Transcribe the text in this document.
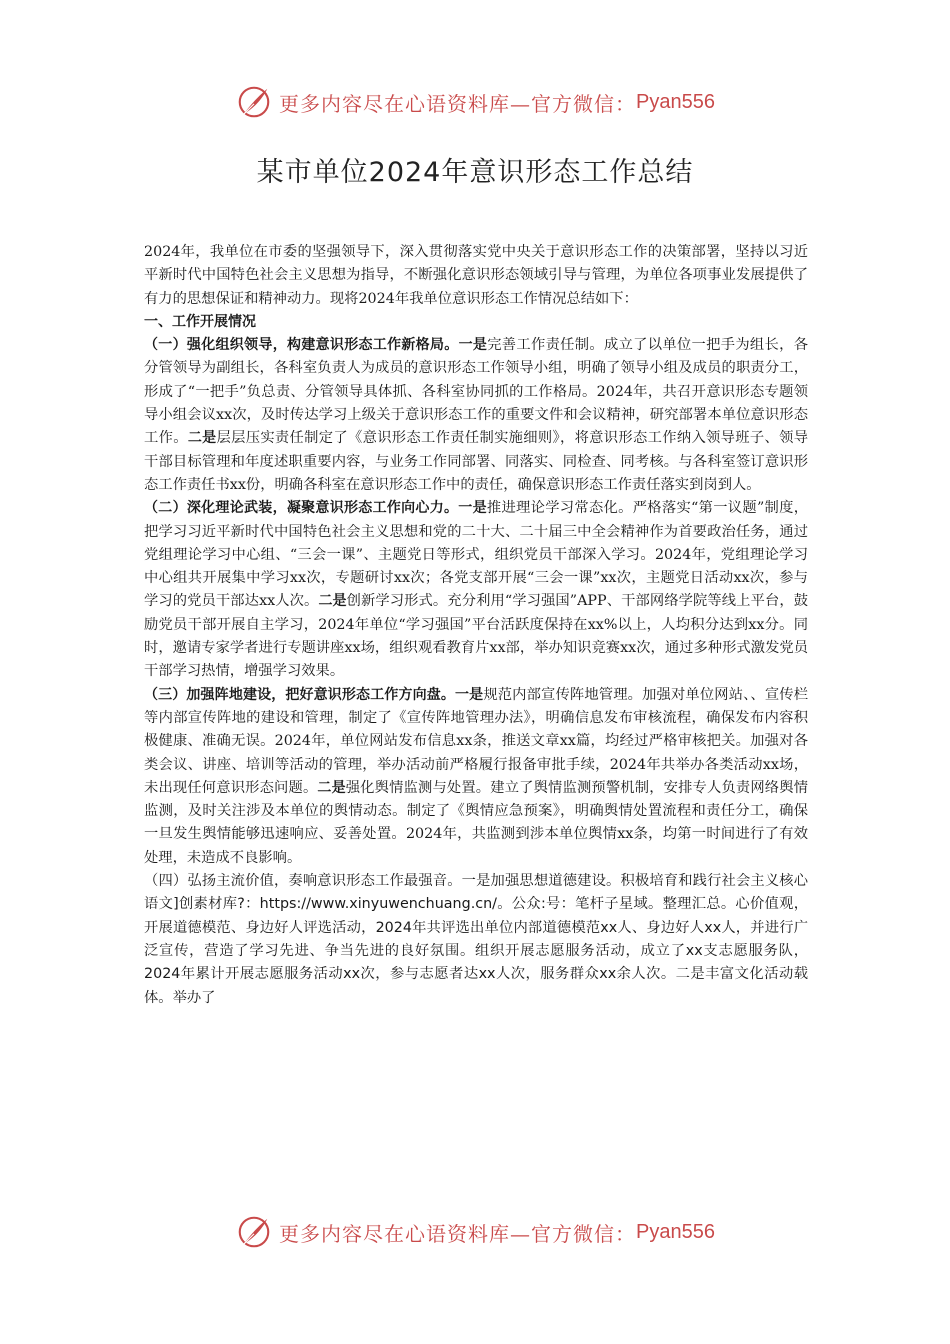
更多内容尽在心语资料库—官方微信： Pyan556
某市单位2024年意识形态工作总结

2024年，我单位在市委的坚强领导下，深入贯彻落实党中央关于意识形态工作的决策部署，坚持以习近平新时代中国特色社会主义思想为指导，不断强化意识形态领域引导与管理，为单位各项事业发展提供了有力的思想保证和精神动力。现将2024年我单位意识形态工作情况总结如下：

一、工作开展情况

（一）强化组织领导，构建意识形态工作新格局。一是完善工作责任制。成立了以单位一把手为组长，各分管领导为副组长，各科室负责人为成员的意识形态工作领导小组，明确了领导小组及成员的职责分工，形成了“一把手”负总责、分管领导具体抓、各科室协同抓的工作格局。2024年，共召开意识形态专题领导小组会议xx次，及时传达学习上级关于意识形态工作的重要文件和会议精神，研究部署本单位意识形态工作。二是层层压实责任制定了《意识形态工作责任制实施细则》，将意识形态工作纳入领导班子、领导干部目标管理和年度述职重要内容，与业务工作同部署、同落实、同检查、同考核。与各科室签订意识形态工作责任书xx份，明确各科室在意识形态工作中的责任，确保意识形态工作责任落实到岗到人。

（二）深化理论武装，凝聚意识形态工作向心力。一是推进理论学习常态化。严格落实“第一议题”制度，把学习习近平新时代中国特色社会主义思想和党的二十大、二十届三中全会精神作为首要政治任务，通过党组理论学习中心组、“三会一课”、主题党日等形式，组织党员干部深入学习。2024年，党组理论学习中心组共开展集中学习xx次，专题研讨xx次；各党支部开展“三会一课”xx次，主题党日活动xx次，参与学习的党员干部达xx人次。二是创新学习形式。充分利用“学习强国”APP、干部网络学院等线上平台，鼓励党员干部开展自主学习，2024年单位“学习强国”平台活跃度保持在xx%以上，人均积分达到xx分。同时，邀请专家学者进行专题讲座xx场，组织观看教育片xx部，举办知识竞赛xx次，通过多种形式激发党员干部学习热情，增强学习效果。

（三）加强阵地建设，把好意识形态工作方向盘。一是规范内部宣传阵地管理。加强对单位网站、、宣传栏等内部宣传阵地的建设和管理，制定了《宣传阵地管理办法》，明确信息发布审核流程，确保发布内容积极健康、准确无误。2024年，单位网站发布信息xx条，推送文章xx篇，均经过严格审核把关。加强对各类会议、讲座、培训等活动的管理，举办活动前严格履行报备审批手续，2024年共举办各类活动xx场，未出现任何意识形态问题。二是强化舆情监测与处置。建立了舆情监测预警机制，安排专人负责网络舆情监测，及时关注涉及本单位的舆情动态。制定了《舆情应急预案》，明确舆情处置流程和责任分工，确保一旦发生舆情能够迅速响应、妥善处置。2024年，共监测到涉本单位舆情xx条，均第一时间进行了有效处理，未造成不良影响。

（四）弘扬主流价值，奏响意识形态工作最强音。一是加强思想道德建设。积极培育和践行社会主义核心语文]创素材库?：https://www.xinyuwenchuang.cn/。公众:号：笔杆子星域。整理汇总。心价值观，开展道德模范、身边好人评选活动，2024年共评选出单位内部道德模范xx人、身边好人xx人，并进行广泛宣传，营造了学习先进、争当先进的良好氛围。组织开展志愿服务活动，成立了xx支志愿服务队，2024年累计开展志愿服务活动xx次，参与志愿者达xx人次，服务群众xx余人次。二是丰富文化活动载体。举办了

更多内容尽在心语资料库—官方微信： Pyan556
